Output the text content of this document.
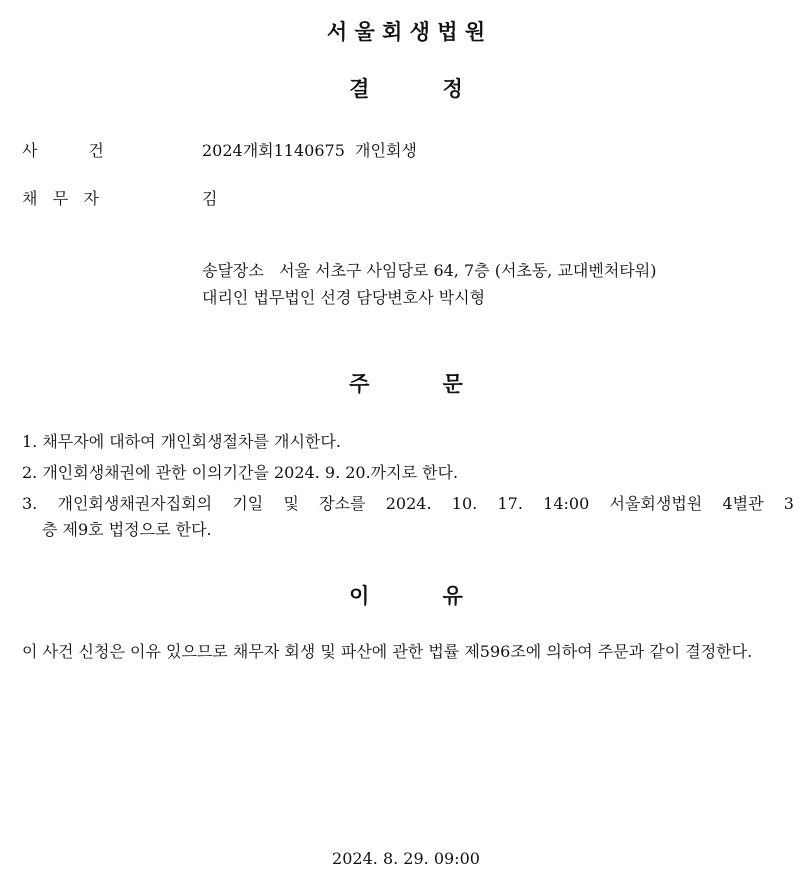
서 울 회 생 법 원
결          정
사          건	2024개회1140675  개인회생
채   무   자	김
송달장소   서울 서초구 사임당로 64, 7층 (서초동, 교대벤처타워)
대리인 법무법인 선경 담당변호사 박시형
주          문
1. 채무자에 대하여 개인회생절차를 개시한다.
2. 개인회생채권에 관한 이의기간을 2024. 9. 20.까지로 한다.
3. 개인회생채권자집회의 기일 및 장소를 2024. 10. 17. 14:00 서울회생법원 4별관 3
층 제9호 법정으로 한다.
이          유
이 사건 신청은 이유 있으므로 채무자 회생 및 파산에 관한 법률 제596조에 의하여 주문과 같이 결정한다.
2024. 8. 29. 09:00
